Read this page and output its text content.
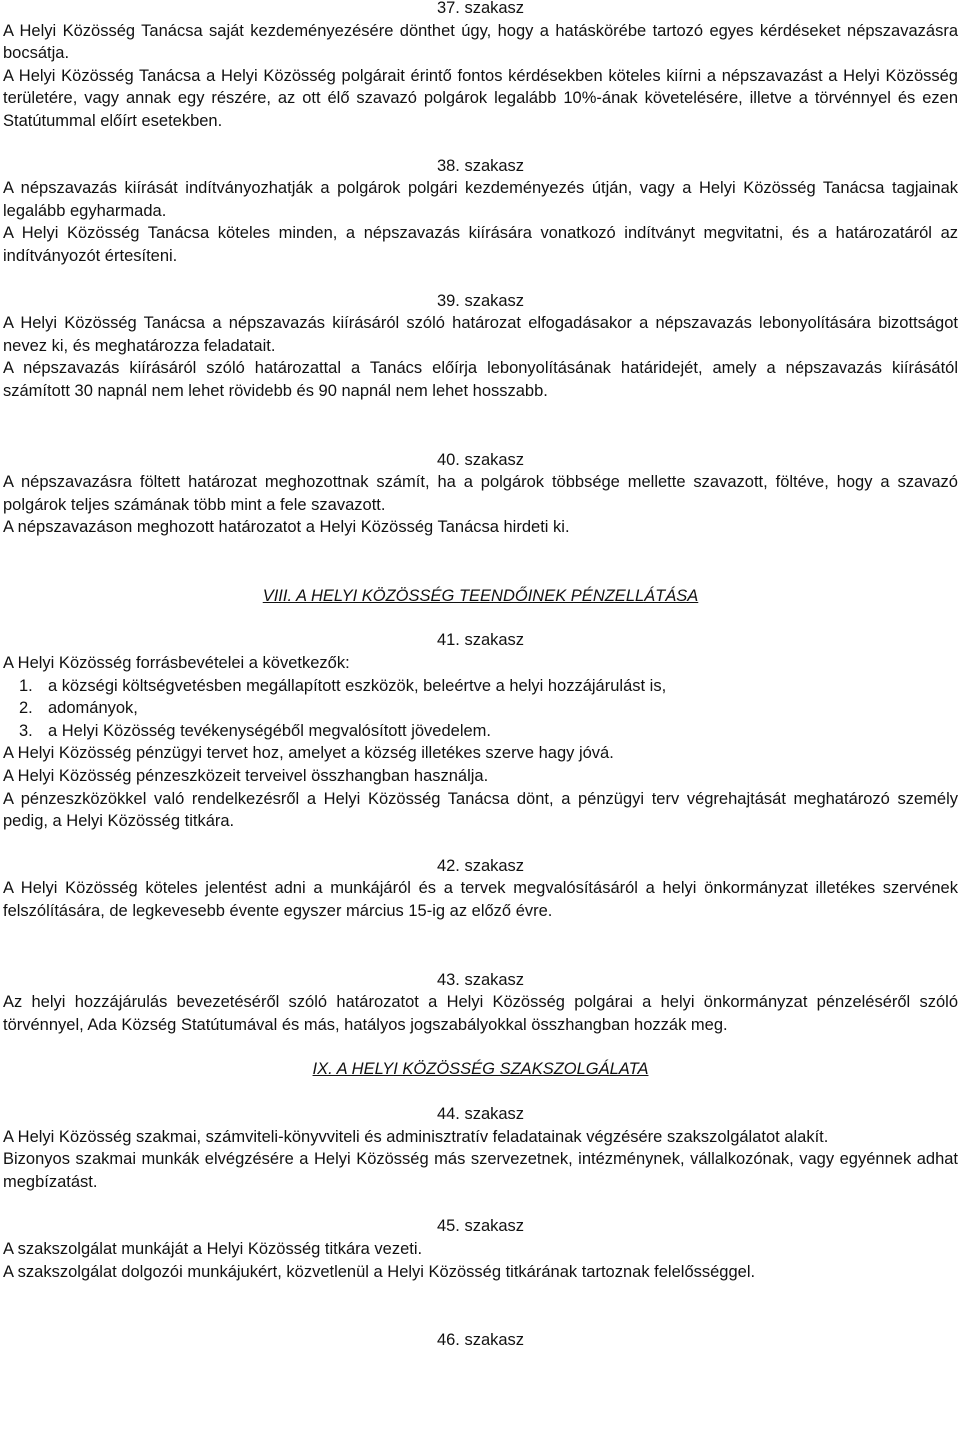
37. szakasz

A Helyi Közösség Tanácsa saját kezdeményezésére dönthet úgy, hogy a hatáskörébe tartozó egyes kérdéseket népszavazásra bocsátja.

A Helyi Közösség Tanácsa a Helyi Közösség polgárait érintő fontos kérdésekben köteles kiírni a népszavazást a Helyi Közösség területére, vagy annak egy részére, az ott élő szavazó polgárok legalább 10%-ának követelésére, illetve a törvénnyel és ezen Statútummal előírt esetekben.

38. szakasz

A népszavazás kiírását indítványozhatják a polgárok polgári kezdeményezés útján, vagy a Helyi Közösség Tanácsa tagjainak legalább egyharmada.

A Helyi Közösség Tanácsa köteles minden, a népszavazás kiírására vonatkozó indítványt megvitatni, és a határozatáról az indítványozót értesíteni.

39. szakasz

A Helyi Közösség Tanácsa a népszavazás kiírásáról szóló határozat elfogadásakor a népszavazás lebonyolítására bizottságot nevez ki, és meghatározza feladatait.

A népszavazás kiírásáról szóló határozattal a Tanács előírja lebonyolításának határidejét, amely a népszavazás kiírásától számított 30 napnál nem lehet rövidebb és 90 napnál nem lehet hosszabb.

40. szakasz

A népszavazásra föltett határozat meghozottnak számít, ha a polgárok többsége mellette szavazott, föltéve, hogy a szavazó polgárok teljes számának több mint a fele szavazott.

A népszavazáson meghozott határozatot a Helyi Közösség Tanácsa hirdeti ki.

VIII. A HELYI KÖZÖSSÉG TEENDŐINEK PÉNZELLÁTÁSA
41. szakasz

A Helyi Közösség forrásbevételei a következők:

1. a községi költségvetésben megállapított eszközök, beleértve a helyi hozzájárulást is,
2. adományok,
3. a Helyi Közösség tevékenységéből megvalósított jövedelem.

A Helyi Közösség pénzügyi tervet hoz, amelyet a község illetékes szerve hagy jóvá.

A Helyi Közösség pénzeszközeit terveivel összhangban használja.

A pénzeszközökkel való rendelkezésről a Helyi Közösség Tanácsa dönt, a pénzügyi terv végrehajtását meghatározó személy pedig, a Helyi Közösség titkára.

42. szakasz

A Helyi Közösség köteles jelentést adni a munkájáról és a tervek megvalósításáról a helyi önkormányzat illetékes szervének felszólítására, de legkevesebb évente egyszer március 15-ig az előző évre.

43. szakasz

Az helyi hozzájárulás bevezetéséről szóló határozatot a Helyi Közösség polgárai a helyi önkormányzat pénzeléséről szóló törvénnyel, Ada Község Statútumával és más, hatályos jogszabályokkal összhangban hozzák meg.

IX. A HELYI KÖZÖSSÉG SZAKSZOLGÁLATA
44. szakasz

A Helyi Közösség szakmai, számviteli-könyvviteli és adminisztratív feladatainak végzésére szakszolgálatot alakít.

Bizonyos szakmai munkák elvégzésére a Helyi Közösség más szervezetnek, intézménynek, vállalkozónak, vagy egyénnek adhat megbízatást.

45. szakasz

A szakszolgálat munkáját a Helyi Közösség titkára vezeti.

A szakszolgálat dolgozói munkájukért, közvetlenül a Helyi Közösség titkárának tartoznak felelősséggel.

46. szakasz
